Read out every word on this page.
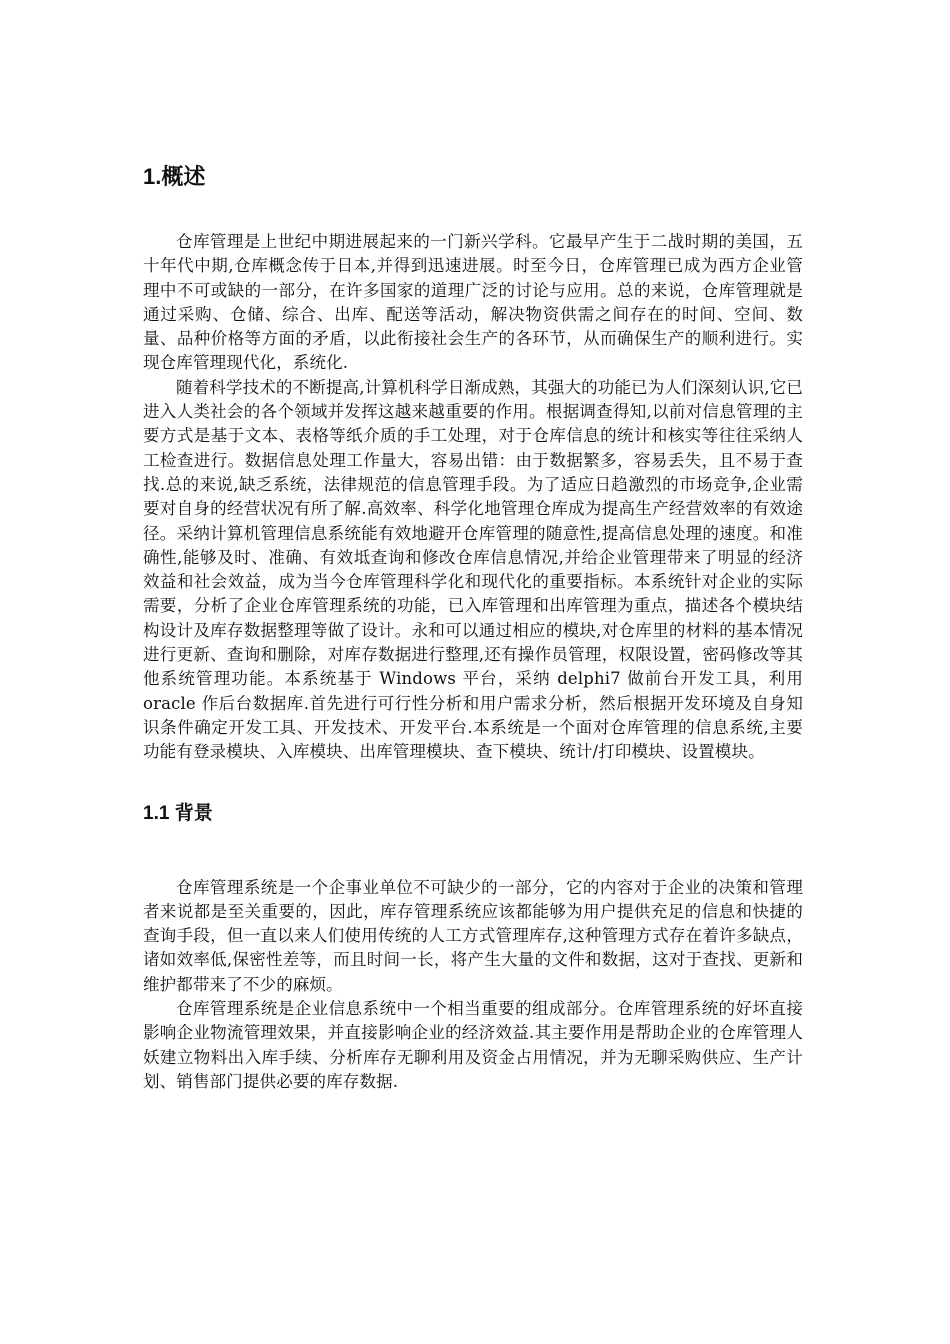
1.概述

仓库管理是上世纪中期进展起来的一门新兴学科。它最早产生于二战时期的美国，五十年代中期,仓库概念传于日本,并得到迅速进展。时至今日，仓库管理已成为西方企业管理中不可或缺的一部分，在许多国家的道理广泛的讨论与应用。总的来说，仓库管理就是通过采购、仓储、综合、出库、配送等活动，解决物资供需之间存在的时间、空间、数量、品种价格等方面的矛盾，以此衔接社会生产的各环节，从而确保生产的顺利进行。实现仓库管理现代化，系统化.

随着科学技术的不断提高,计算机科学日渐成熟，其强大的功能已为人们深刻认识,它已进入人类社会的各个领域并发挥这越来越重要的作用。根据调查得知,以前对信息管理的主要方式是基于文本、表格等纸介质的手工处理，对于仓库信息的统计和核实等往往采纳人工检查进行。数据信息处理工作量大，容易出错：由于数据繁多，容易丢失，且不易于查找.总的来说,缺乏系统，法律规范的信息管理手段。为了适应日趋激烈的市场竞争,企业需要对自身的经营状况有所了解.高效率、科学化地管理仓库成为提高生产经营效率的有效途径。采纳计算机管理信息系统能有效地避开仓库管理的随意性,提高信息处理的速度。和准确性,能够及时、准确、有效坻查询和修改仓库信息情况,并给企业管理带来了明显的经济效益和社会效益，成为当今仓库管理科学化和现代化的重要指标。本系统针对企业的实际需要，分析了企业仓库管理系统的功能，已入库管理和出库管理为重点，描述各个模块结构设计及库存数据整理等做了设计。永和可以通过相应的模块,对仓库里的材料的基本情况进行更新、查询和删除，对库存数据进行整理,还有操作员管理，权限设置，密码修改等其他系统管理功能。本系统基于 Windows 平台，采纳 delphi7 做前台开发工具，利用 oracle 作后台数据库.首先进行可行性分析和用户需求分析，然后根据开发环境及自身知识条件确定开发工具、开发技术、开发平台.本系统是一个面对仓库管理的信息系统,主要功能有登录模块、入库模块、出库管理模块、查下模块、统计/打印模块、设置模块。

1.1 背景

仓库管理系统是一个企事业单位不可缺少的一部分，它的内容对于企业的决策和管理者来说都是至关重要的，因此，库存管理系统应该都能够为用户提供充足的信息和快捷的查询手段，但一直以来人们使用传统的人工方式管理库存,这种管理方式存在着许多缺点，诸如效率低,保密性差等，而且时间一长，将产生大量的文件和数据，这对于查找、更新和维护都带来了不少的麻烦。

仓库管理系统是企业信息系统中一个相当重要的组成部分。仓库管理系统的好坏直接影响企业物流管理效果，并直接影响企业的经济效益.其主要作用是帮助企业的仓库管理人妖建立物料出入库手续、分析库存无聊利用及资金占用情况，并为无聊采购供应、生产计划、销售部门提供必要的库存数据.
